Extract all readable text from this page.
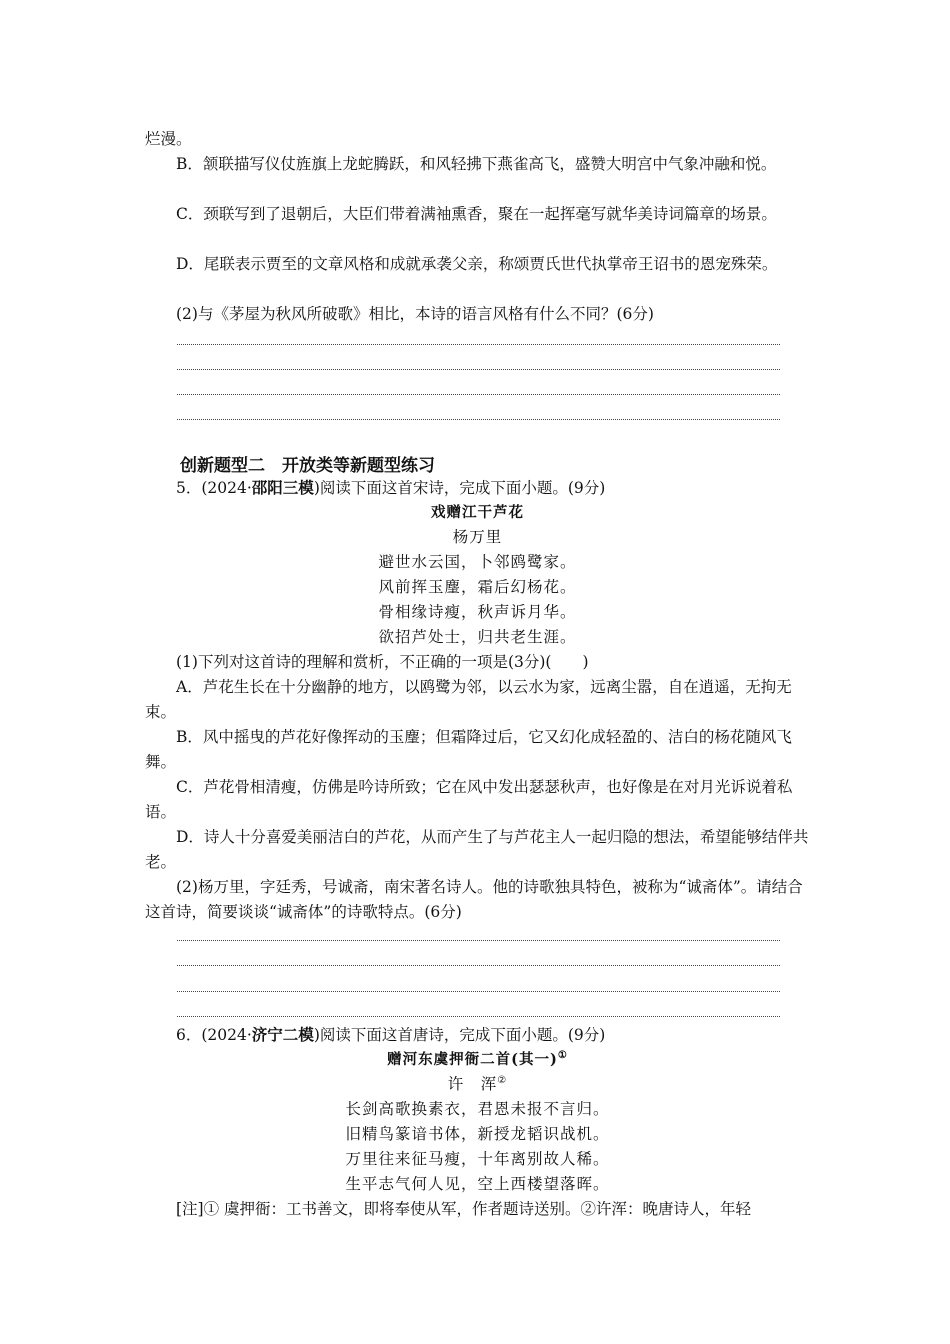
烂漫。

B．颔联描写仪仗旌旗上龙蛇腾跃，和风轻拂下燕雀高飞，盛赞大明宫中气象冲融和悦。

C．颈联写到了退朝后，大臣们带着满袖熏香，聚在一起挥毫写就华美诗词篇章的场景。

D．尾联表示贾至的文章风格和成就承袭父亲，称颂贾氏世代执掌帝王诏书的恩宠殊荣。

(2)与《茅屋为秋风所破歌》相比，本诗的语言风格有什么不同？(6分)

创新题型二　开放类等新题型练习

5．(2024·邵阳三模)阅读下面这首宋诗，完成下面小题。(9分)

戏赠江干芦花
杨万里
避世水云国，卜邻鸥鹭家。
风前挥玉麈，霜后幻杨花。
骨相缘诗瘦，秋声诉月华。
欲招芦处士，归共老生涯。

(1)下列对这首诗的理解和赏析，不正确的一项是(3分)(　　)

A．芦花生长在十分幽静的地方，以鸥鹭为邻，以云水为家，远离尘嚣，自在逍遥，无拘无束。

B．风中摇曳的芦花好像挥动的玉麈；但霜降过后，它又幻化成轻盈的、洁白的杨花随风飞舞。

C．芦花骨相清瘦，仿佛是吟诗所致；它在风中发出瑟瑟秋声，也好像是在对月光诉说着私语。

D．诗人十分喜爱美丽洁白的芦花，从而产生了与芦花主人一起归隐的想法，希望能够结伴共老。

(2)杨万里，字廷秀，号诚斋，南宋著名诗人。他的诗歌独具特色，被称为“诚斋体”。请结合这首诗，简要谈谈“诚斋体”的诗歌特点。(6分)

6．(2024·济宁二模)阅读下面这首唐诗，完成下面小题。(9分)

赠河东虞押衙二首(其一)①
许　浑②
长剑高歌换素衣，君恩未报不言归。
旧精鸟篆谙书体，新授龙韬识战机。
万里往来征马瘦，十年离别故人稀。
生平志气何人见，空上西楼望落晖。

[注]① 虞押衙：工书善文，即将奉使从军，作者题诗送别。②许浑：晚唐诗人，年轻
